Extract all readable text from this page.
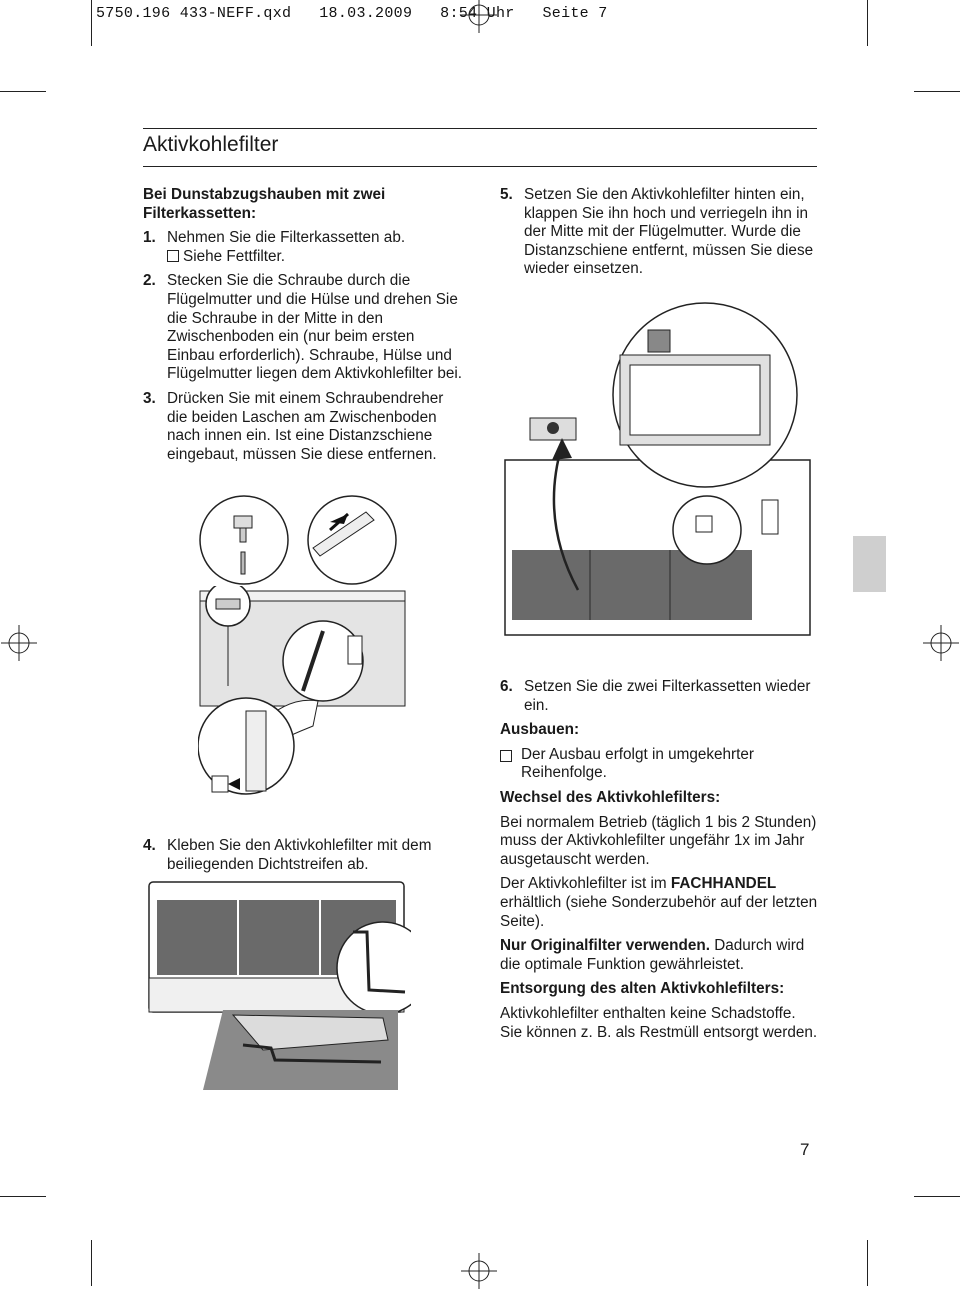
5750.196 433-NEFF.qxd   18.03.2009   8:54 Uhr   Seite 7
Aktivkohlefilter

Bei Dunstabzugshauben mit zwei Filterkassetten:

1. Nehmen Sie die Filterkassetten ab.

Siehe Fettfilter.

2. Stecken Sie die Schraube durch die Flügelmutter und die Hülse und drehen Sie die Schraube in der Mitte in den Zwischenboden ein (nur beim ersten Einbau erforderlich). Schraube, Hülse und Flügelmutter liegen dem Aktivkohlefilter bei.

3. Drücken Sie mit einem Schraubendreher die beiden Laschen am Zwischenboden nach innen ein. Ist eine Distanzschiene eingebaut, müssen Sie diese entfernen.

5. Setzen Sie den Aktivkohlefilter hinten ein, klappen Sie ihn hoch und verriegeln ihn in der Mitte mit der Flügelmutter. Wurde die Distanzschiene entfernt, müssen Sie diese wieder einsetzen.

6. Setzen Sie die zwei Filterkassetten wieder ein.

Ausbauen:

Der Ausbau erfolgt in umgekehrter Reihenfolge.

Wechsel des Aktivkohlefilters:

Bei normalem Betrieb (täglich 1 bis 2 Stunden) muss der Aktivkohlefilter ungefähr 1x im Jahr ausgetauscht werden.

Der Aktivkohlefilter ist im FACHHANDEL erhältlich (siehe Sonderzubehör auf der letzten Seite).

Nur Originalfilter verwenden. Dadurch wird die optimale Funktion gewährleistet.

Entsorgung des alten Aktivkohlefilters:

Aktivkohlefilter enthalten keine Schadstoffe. Sie können z. B. als Restmüll entsorgt werden.

4. Kleben Sie den Aktivkohlefilter mit dem beiliegenden Dichtstreifen ab.

7
